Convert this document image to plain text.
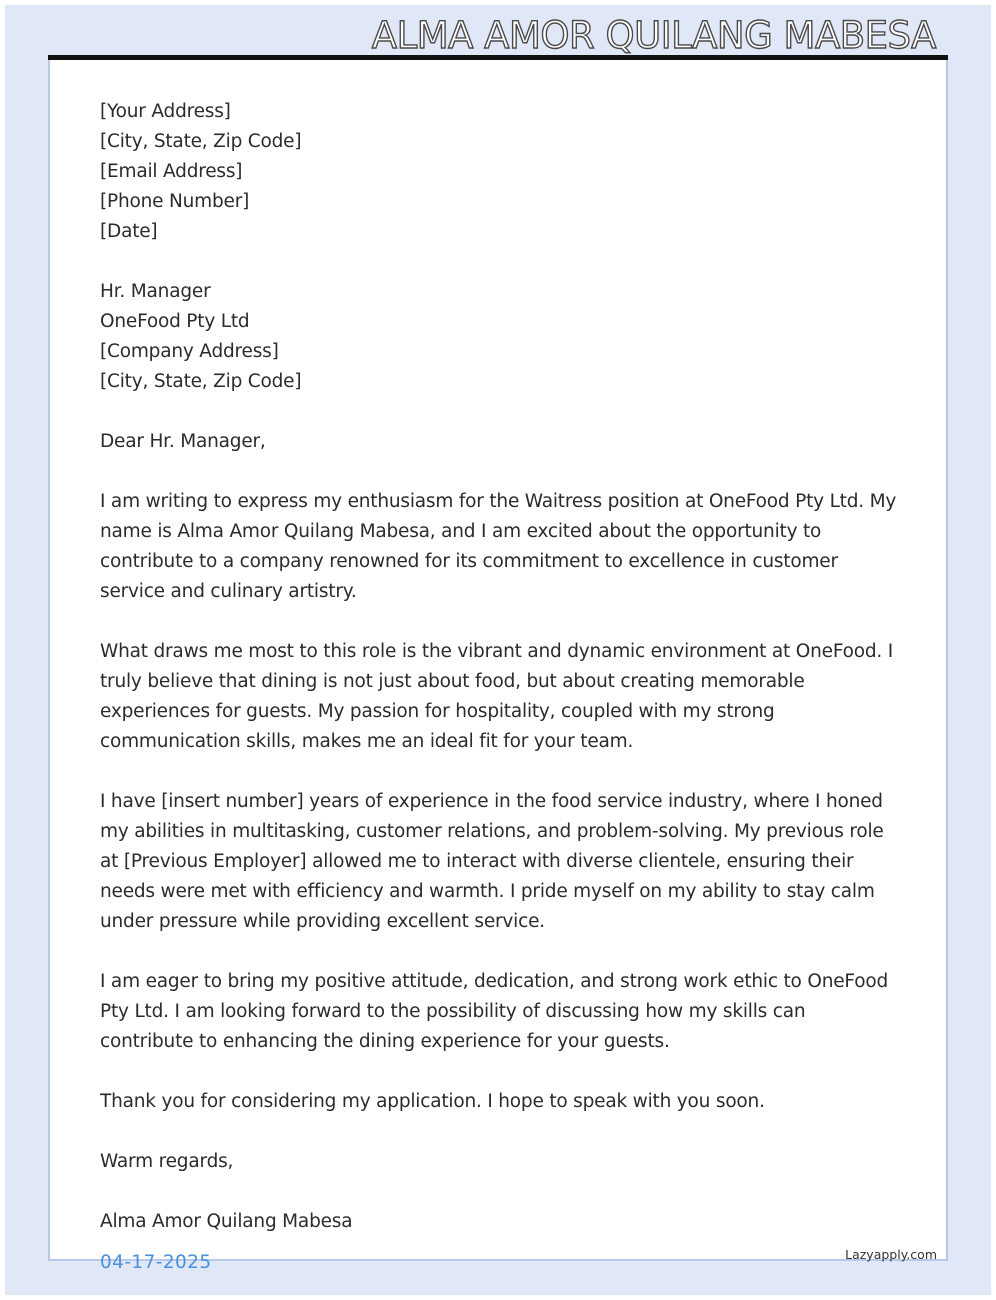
ALMA AMOR QUILANG MABESA
[Your Address]
[City, State, Zip Code]
[Email Address]
[Phone Number]
[Date]
Hr. Manager
OneFood Pty Ltd
[Company Address]
[City, State, Zip Code]
Dear Hr. Manager,

I am writing to express my enthusiasm for the Waitress position at OneFood Pty Ltd. My name is Alma Amor Quilang Mabesa, and I am excited about the opportunity to contribute to a company renowned for its commitment to excellence in customer service and culinary artistry.

What draws me most to this role is the vibrant and dynamic environment at OneFood. I truly believe that dining is not just about food, but about creating memorable experiences for guests. My passion for hospitality, coupled with my strong communication skills, makes me an ideal fit for your team.

I have [insert number] years of experience in the food service industry, where I honed my abilities in multitasking, customer relations, and problem-solving. My previous role at [Previous Employer] allowed me to interact with diverse clientele, ensuring their needs were met with efficiency and warmth. I pride myself on my ability to stay calm under pressure while providing excellent service.

I am eager to bring my positive attitude, dedication, and strong work ethic to OneFood Pty Ltd. I am looking forward to the possibility of discussing how my skills can contribute to enhancing the dining experience for your guests.

Thank you for considering my application. I hope to speak with you soon.

Warm regards,
Alma Amor Quilang Mabesa
04-17-2025	Lazyapply.com
